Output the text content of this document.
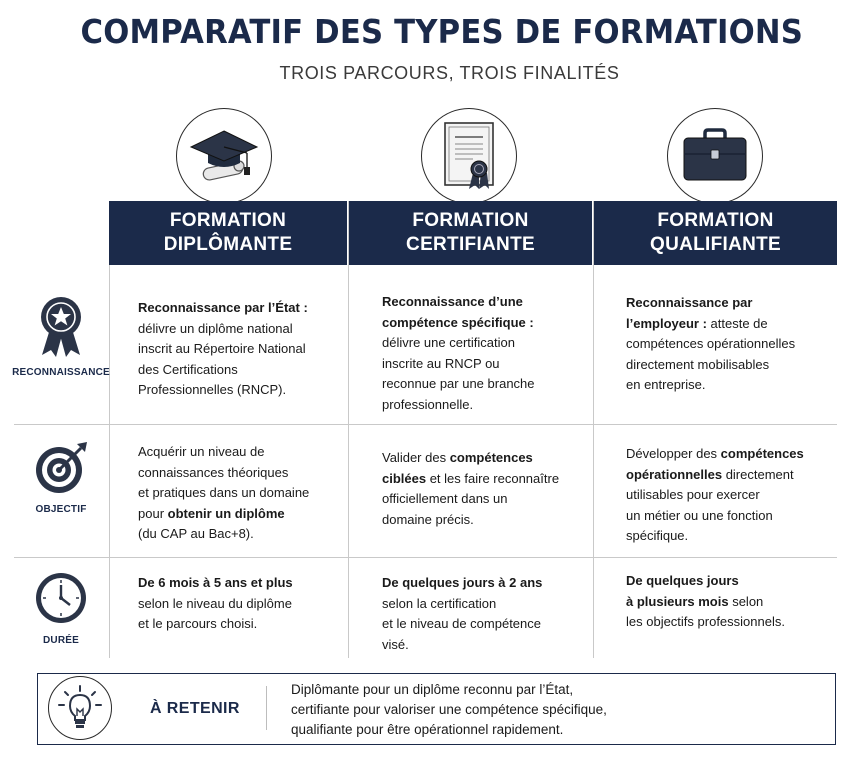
COMPARATIF DES TYPES DE FORMATIONS
TROIS PARCOURS, TROIS FINALITÉS
FORMATION
DIPLÔMANTE
FORMATION
CERTIFIANTE
FORMATION
QUALIFIANTE
RECONNAISSANCE
OBJECTIF
DURÉE
Reconnaissance par l’État :
délivre un diplôme national
inscrit au Répertoire National
des Certifications
Professionnelles (RNCP).
Reconnaissance d’une
compétence spécifique :
délivre une certification
inscrite au RNCP ou
reconnue par une branche
professionnelle.
Reconnaissance par
l’employeur : atteste de
compétences opérationnelles
directement mobilisables
en entreprise.
Acquérir un niveau de
connaissances théoriques
et pratiques dans un domaine
pour obtenir un diplôme
(du CAP au Bac+8).
Valider des compétences
ciblées et les faire reconnaître
officiellement dans un
domaine précis.
Développer des compétences
opérationnelles directement
utilisables pour exercer
un métier ou une fonction
spécifique.
De 6 mois à 5 ans et plus
selon le niveau du diplôme
et le parcours choisi.
De quelques jours à 2 ans
selon la certification
et le niveau de compétence
visé.
De quelques jours
à plusieurs mois selon
les objectifs professionnels.
À RETENIR
Diplômante pour un diplôme reconnu par l’État,
certifiante pour valoriser une compétence spécifique,
qualifiante pour être opérationnel rapidement.
